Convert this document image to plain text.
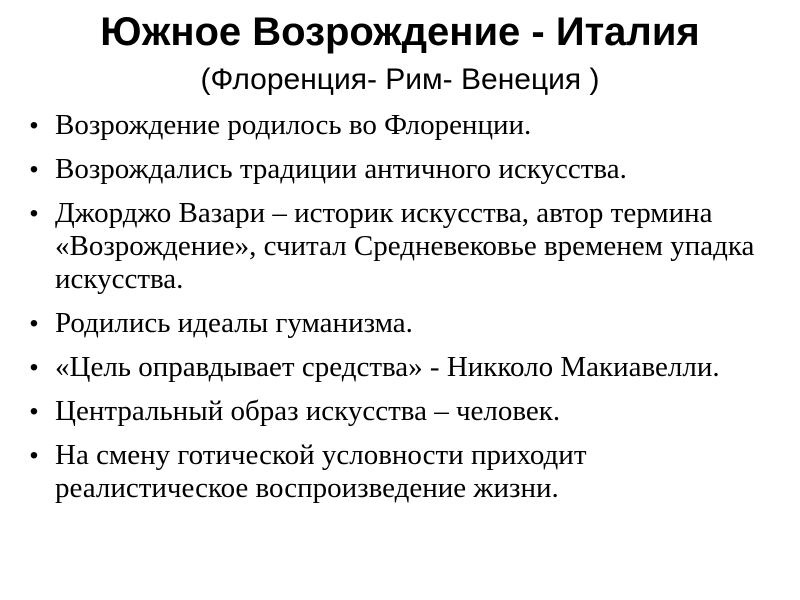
Южное Возрождение - Италия
(Флоренция- Рим- Венеция )
• Возрождение родилось во Флоренции.
• Возрождались традиции античного искусства.
• Джорджо Вазари – историк искусства, автор термина «Возрождение», считал Средневековье временем упадка искусства.
• Родились идеалы гуманизма.
• «Цель оправдывает средства» - Никколо Макиавелли.
• Центральный образ искусства – человек.
• На смену готической условности приходит реалистическое воспроизведение жизни.
